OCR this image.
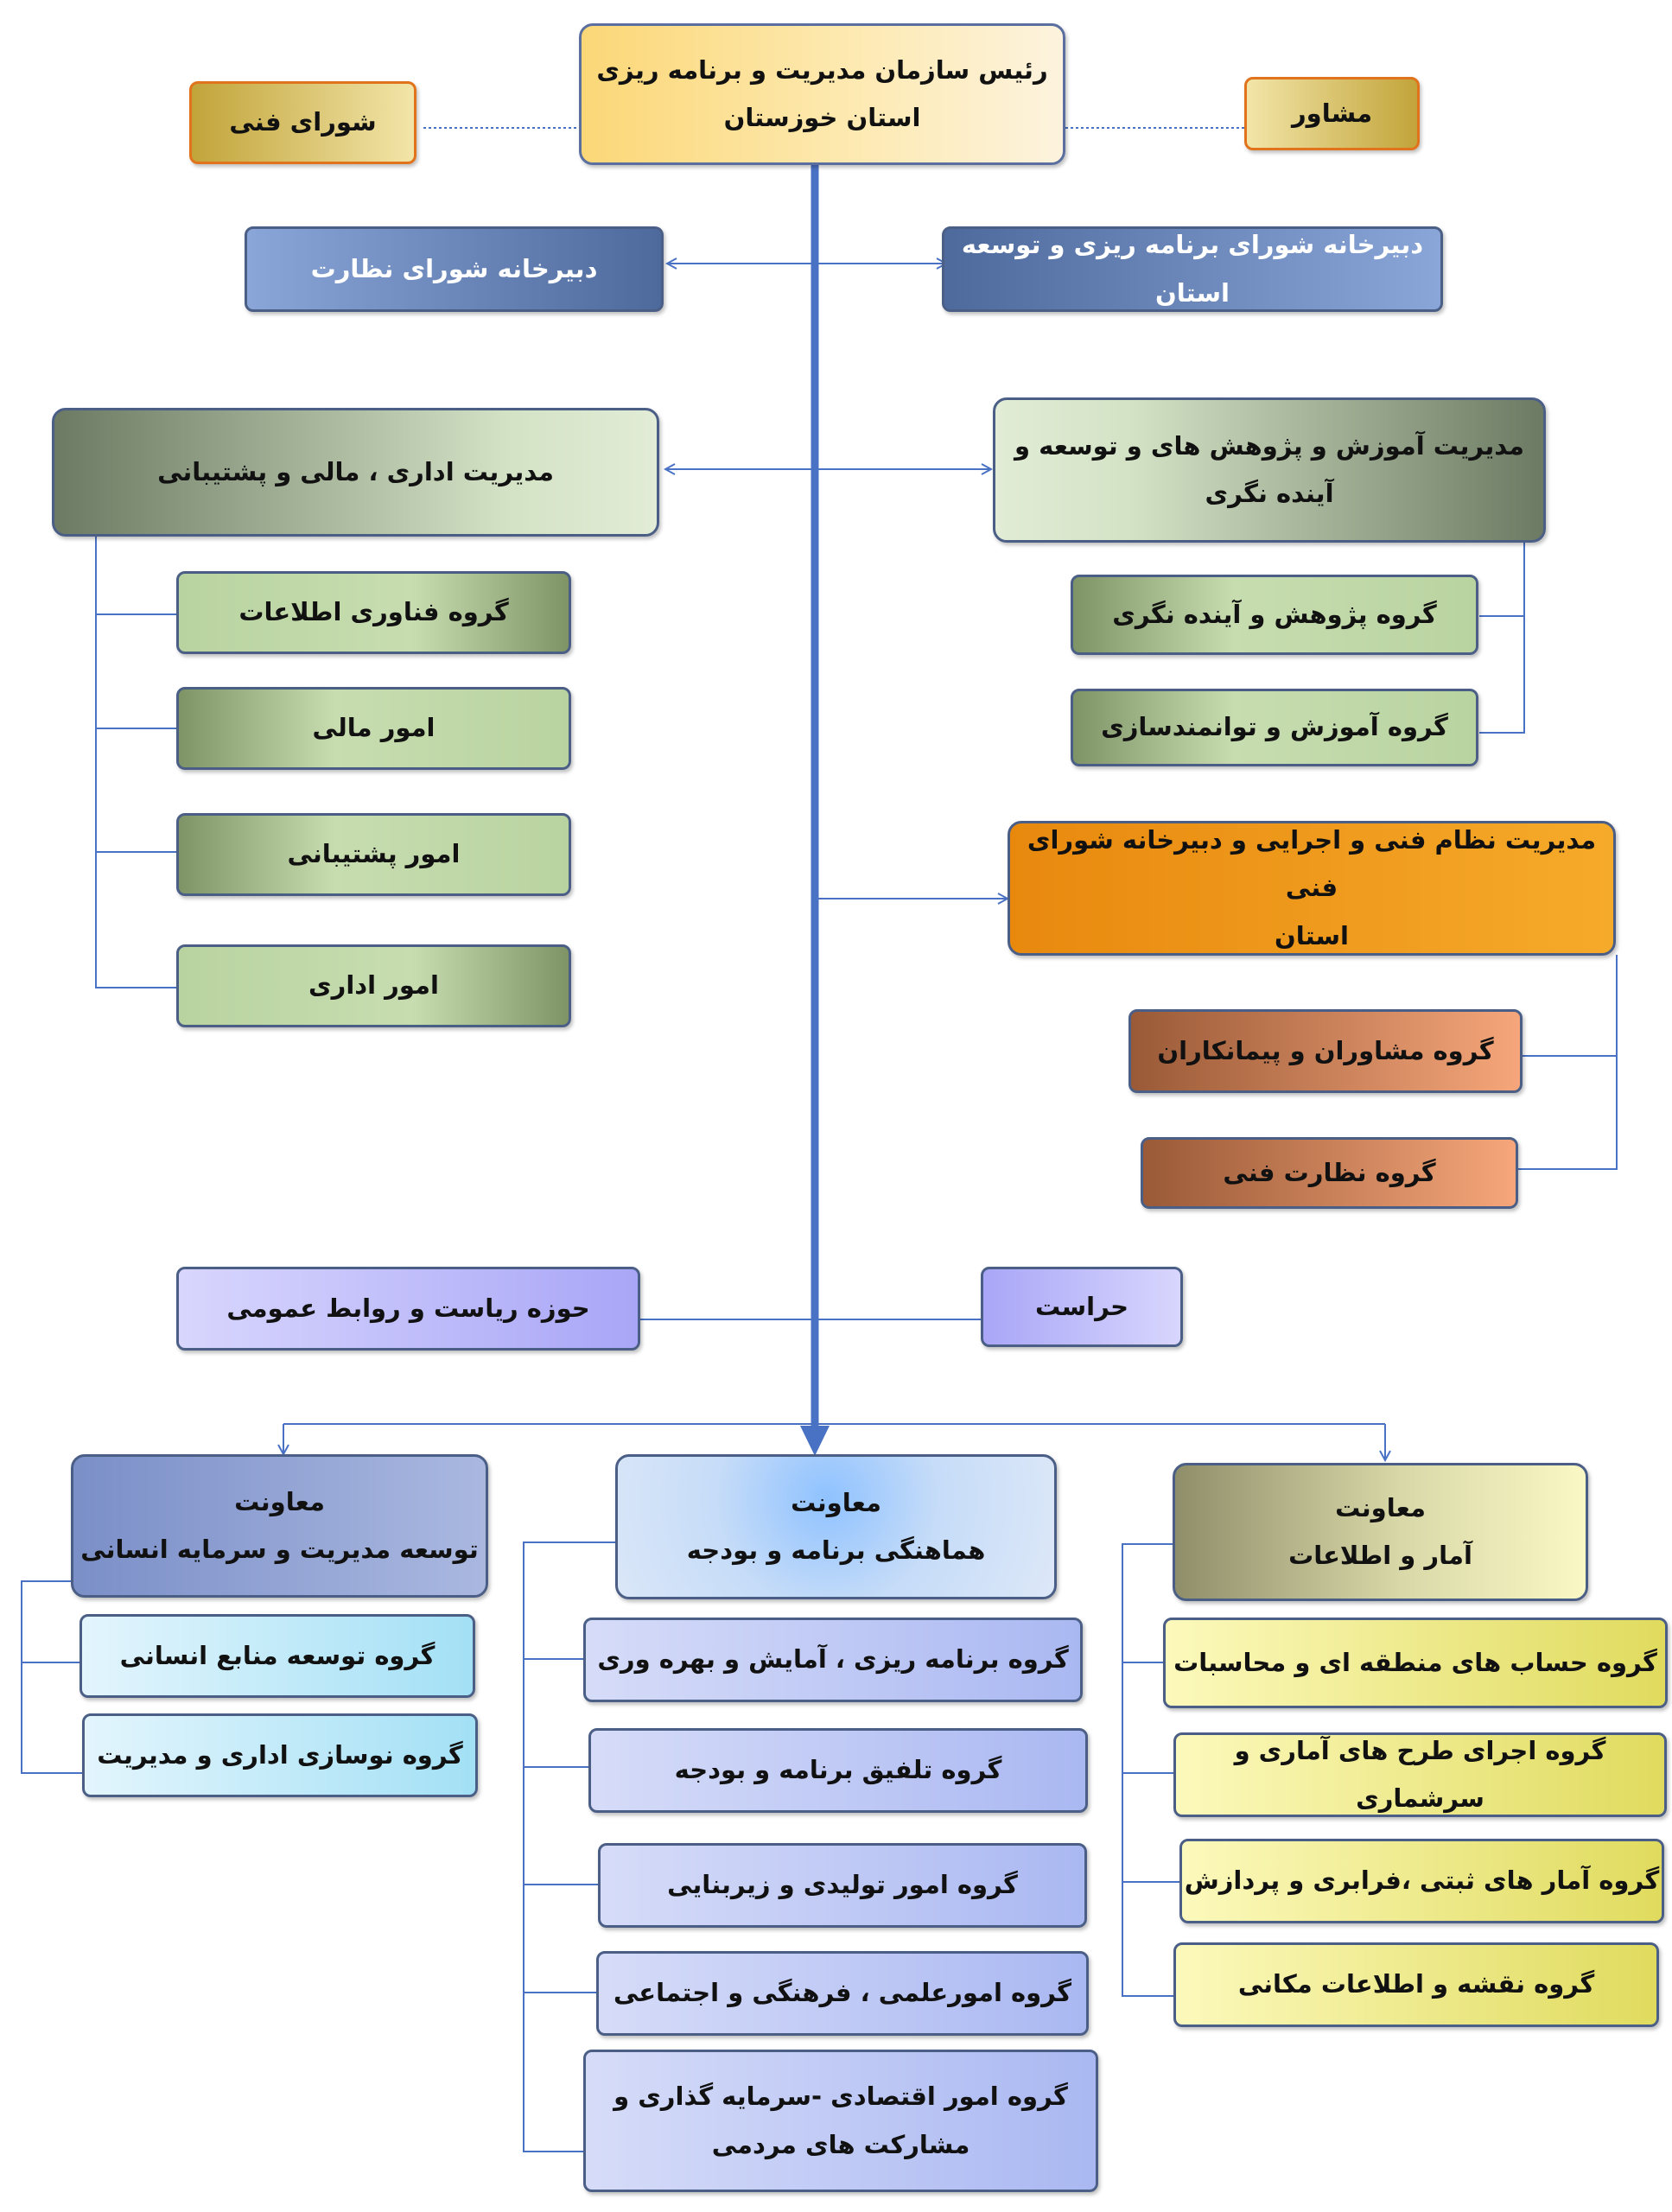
رئیس سازمان مدیریت و برنامه ریزی
استان خوزستان
شورای فنی	مشاور
دبیرخانه شورای نظارت
دبیرخانه شورای برنامه ریزی و توسعه استان
مدیریت اداری ، مالی و پشتیبانی
گروه فناوری اطلاعات
امور مالی
امور پشتیبانی
امور اداری
مدیریت آموزش و پژوهش های و توسعه و
آینده نگری
گروه پژوهش و آینده نگری
گروه آموزش و توانمندسازی
مدیریت نظام فنی و اجرایی و دبیرخانه شورای فنی
استان
گروه مشاوران و پیمانکاران
گروه نظارت فنی
حوزه ریاست و روابط عمومی	حراست
معاونت
توسعه مدیریت و سرمایه انسانی
معاونت
هماهنگی برنامه و بودجه
معاونت
آمار و اطلاعات
گروه توسعه منابع انسانی
گروه نوسازی اداری و مدیریت
گروه برنامه ریزی ، آمایش و بهره وری
گروه تلفیق برنامه و بودجه
گروه امور تولیدی و زیربنایی
گروه امورعلمی ، فرهنگی و اجتماعی
گروه امور اقتصادی -سرمایه گذاری و
مشارکت های مردمی
گروه حساب های منطقه ای و محاسبات
گروه اجرای طرح های آماری و سرشماری
گروه آمار های ثبتی ،فرابری و پردازش
گروه نقشه و اطلاعات مکانی
